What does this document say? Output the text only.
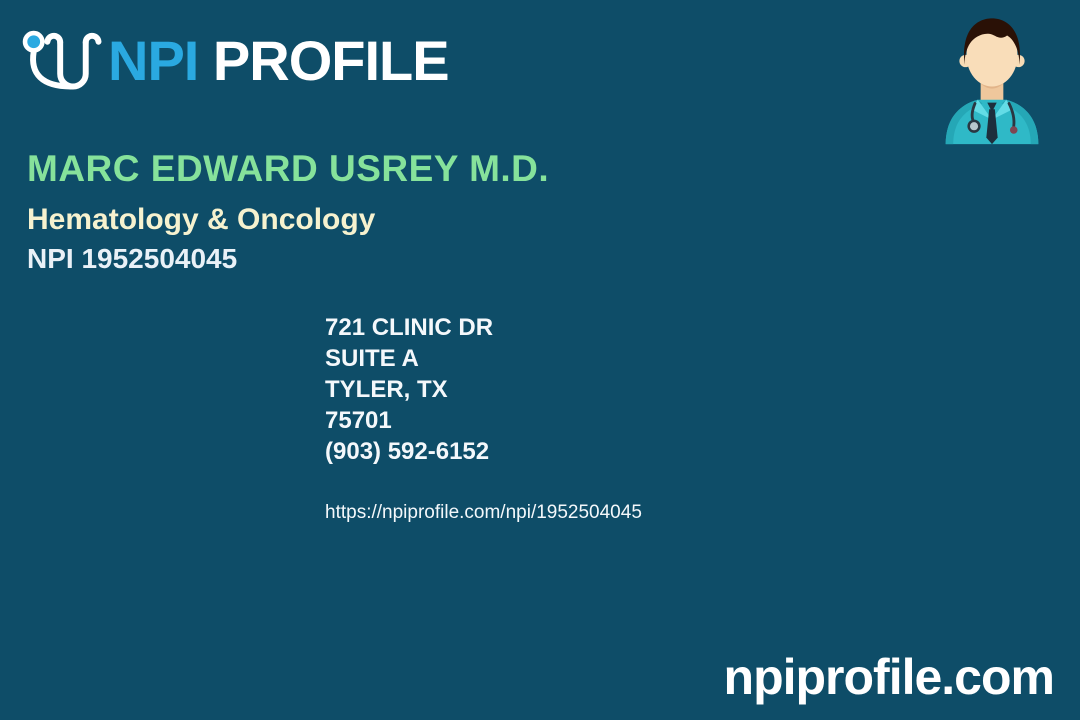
NPI PROFILE
MARC EDWARD USREY M.D.
Hematology & Oncology
NPI 1952504045
721 CLINIC DR
SUITE A
TYLER, TX
75701
(903) 592-6152
https://npiprofile.com/npi/1952504045
npiprofile.com
